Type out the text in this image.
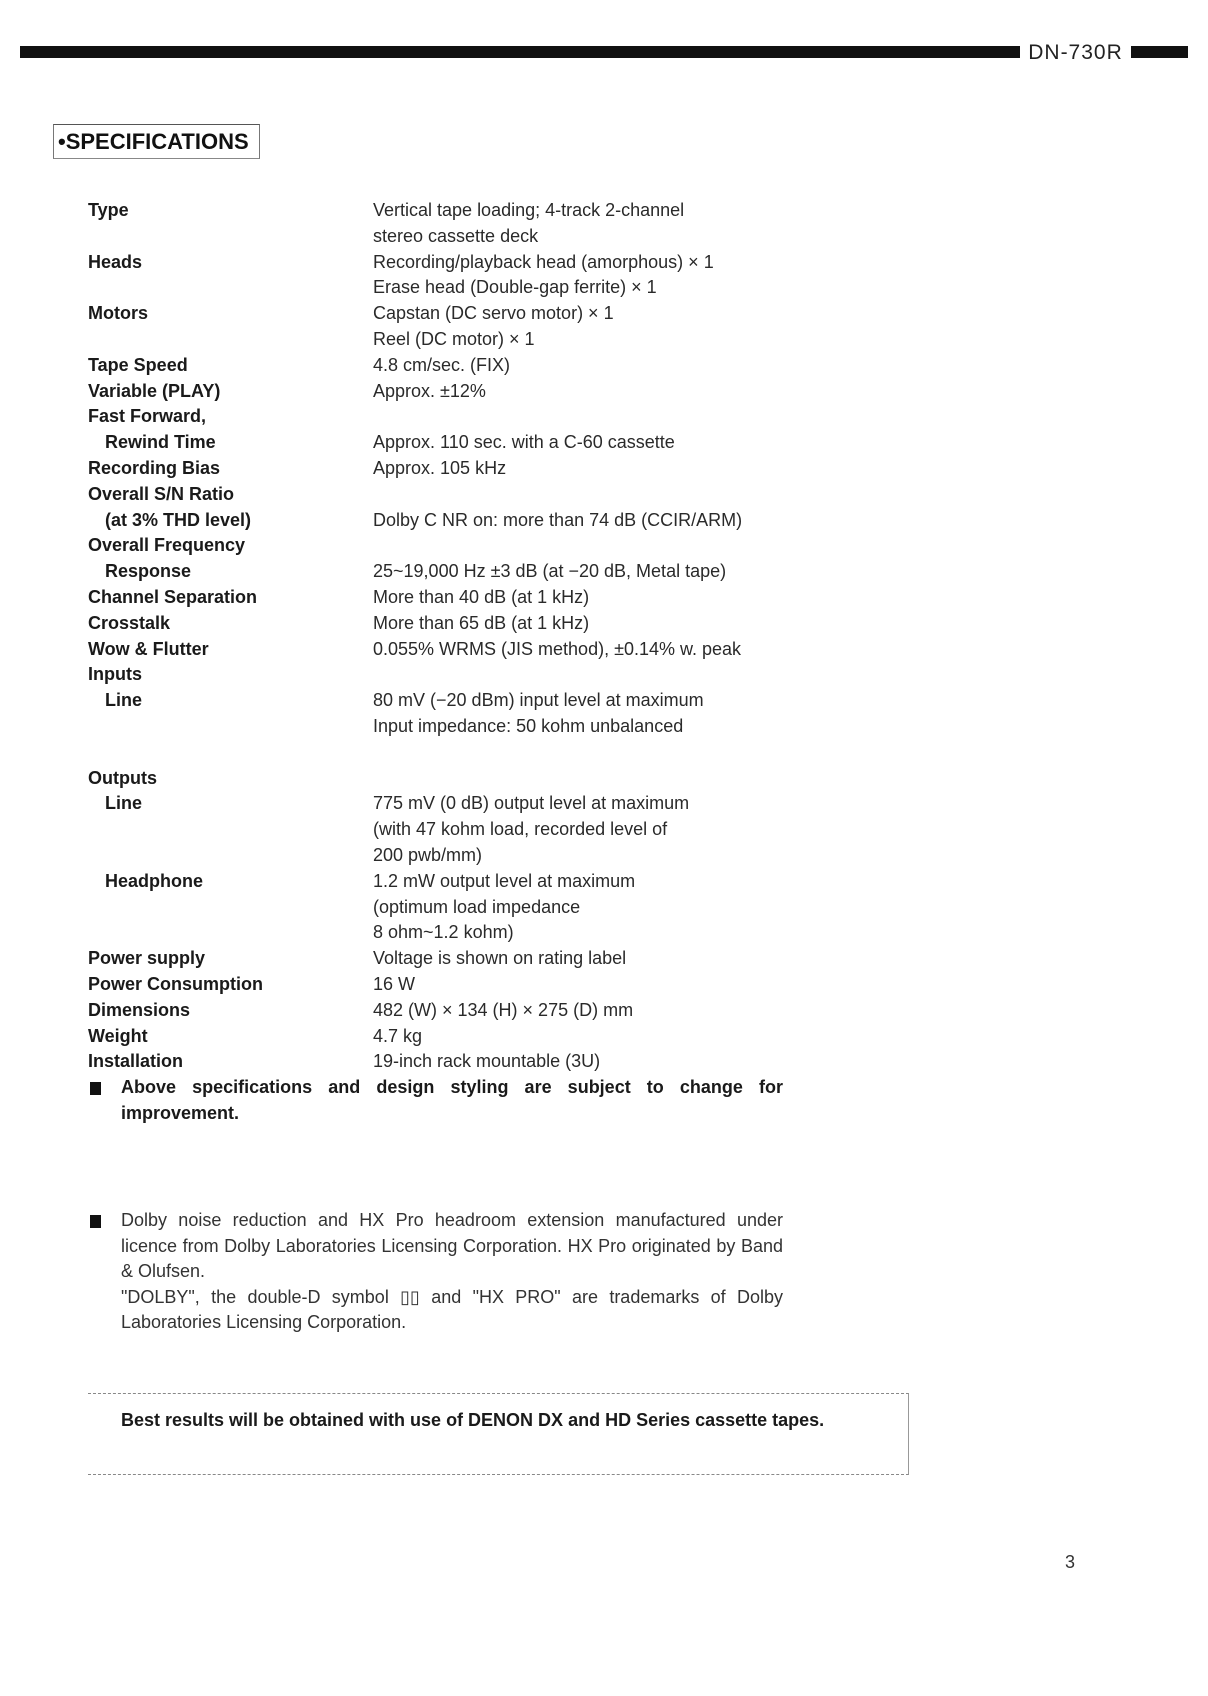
DN-730R
•SPECIFICATIONS
Type	Vertical tape loading; 4-track 2-channel
stereo cassette deck
Heads	Recording/playback head (amorphous) × 1
Erase head (Double-gap ferrite) × 1
Motors	Capstan (DC servo motor) × 1
Reel (DC motor) × 1
Tape Speed	4.8 cm/sec. (FIX)
Variable (PLAY)	Approx. ±12%
Fast Forward,
Rewind Time	Approx. 110 sec. with a C-60 cassette
Recording Bias	Approx. 105 kHz
Overall S/N Ratio
(at 3% THD level)	Dolby C NR on: more than 74 dB (CCIR/ARM)
Overall Frequency
Response	25~19,000 Hz ±3 dB (at −20 dB, Metal tape)
Channel Separation	More than 40 dB (at 1 kHz)
Crosstalk	More than 65 dB (at 1 kHz)
Wow & Flutter	0.055% WRMS (JIS method), ±0.14% w. peak
Inputs
Line	80 mV (−20 dBm) input level at maximum
Input impedance: 50 kohm unbalanced
Outputs
Line	775 mV (0 dB) output level at maximum
(with 47 kohm load, recorded level of
200 pwb/mm)
Headphone	1.2 mW output level at maximum
(optimum load impedance
8 ohm~1.2 kohm)
Power supply	Voltage is shown on rating label
Power Consumption	16 W
Dimensions	482 (W) × 134 (H) × 275 (D) mm
Weight	4.7 kg
Installation	19-inch rack mountable (3U)
Above specifications and design styling are subject to change for improvement.

Dolby noise reduction and HX Pro headroom extension manufactured under licence from Dolby Laboratories Licensing Corporation. HX Pro originated by Band & Olufsen.

"DOLBY", the double-D symbol ▯▯ and "HX PRO" are trademarks of Dolby Laboratories Licensing Corporation.

Best results will be obtained with use of DENON DX and HD Series cassette tapes.
3
